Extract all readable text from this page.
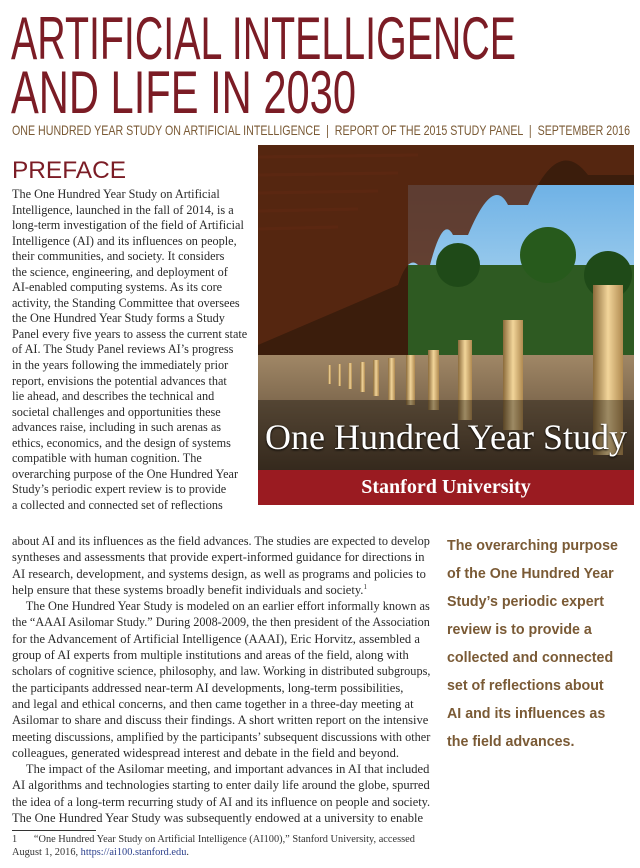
ARTIFICIAL INTELLIGENCE
AND LIFE IN 2030
ONE HUNDRED YEAR STUDY ON ARTIFICIAL INTELLIGENCE  |  REPORT OF THE 2015 STUDY PANEL  |  SEPTEMBER 2016
PREFACE
The One Hundred Year Study on Artificial
Intelligence, launched in the fall of 2014, is a
long-term investigation of the field of Artificial
Intelligence (AI) and its influences on people,
their communities, and society. It considers
the science, engineering, and deployment of
AI-enabled computing systems. As its core
activity, the Standing Committee that oversees
the One Hundred Year Study forms a Study
Panel every five years to assess the current state
of AI. The Study Panel reviews AI’s progress
in the years following the immediately prior
report, envisions the potential advances that
lie ahead, and describes the technical and
societal challenges and opportunities these
advances raise, including in such arenas as
ethics, economics, and the design of systems
compatible with human cognition. The
overarching purpose of the One Hundred Year
Study’s periodic expert review is to provide
a collected and connected set of reflections
about AI and its influences as the field advances. The studies are expected to develop
syntheses and assessments that provide expert-informed guidance for directions in
AI research, development, and systems design, as well as programs and policies to
help ensure that these systems broadly benefit individuals and society.$^1$
The One Hundred Year Study is modeled on an earlier effort informally known as
the “AAAI Asilomar Study.” During 2008-2009, the then president of the Association
for the Advancement of Artificial Intelligence (AAAI), Eric Horvitz, assembled a
group of AI experts from multiple institutions and areas of the field, along with
scholars of cognitive science, philosophy, and law. Working in distributed subgroups,
the participants addressed near-term AI developments, long-term possibilities,
and legal and ethical concerns, and then came together in a three-day meeting at
Asilomar to share and discuss their findings. A short written report on the intensive
meeting discussions, amplified by the participants’ subsequent discussions with other
colleagues, generated widespread interest and debate in the field and beyond.
The impact of the Asilomar meeting, and important advances in AI that included
AI algorithms and technologies starting to enter daily life around the globe, spurred
the idea of a long-term recurring study of AI and its influence on people and society.
The One Hundred Year Study was subsequently endowed at a university to enable
One Hundred Year Study
Stanford University
The overarching purpose
of the One Hundred Year
Study’s periodic expert
review is to provide a
collected and connected
set of reflections about
AI and its influences as
the field advances.
1 “One Hundred Year Study on Artificial Intelligence (AI100),” Stanford University, accessed
August 1, 2016, https://ai100.stanford.edu.
